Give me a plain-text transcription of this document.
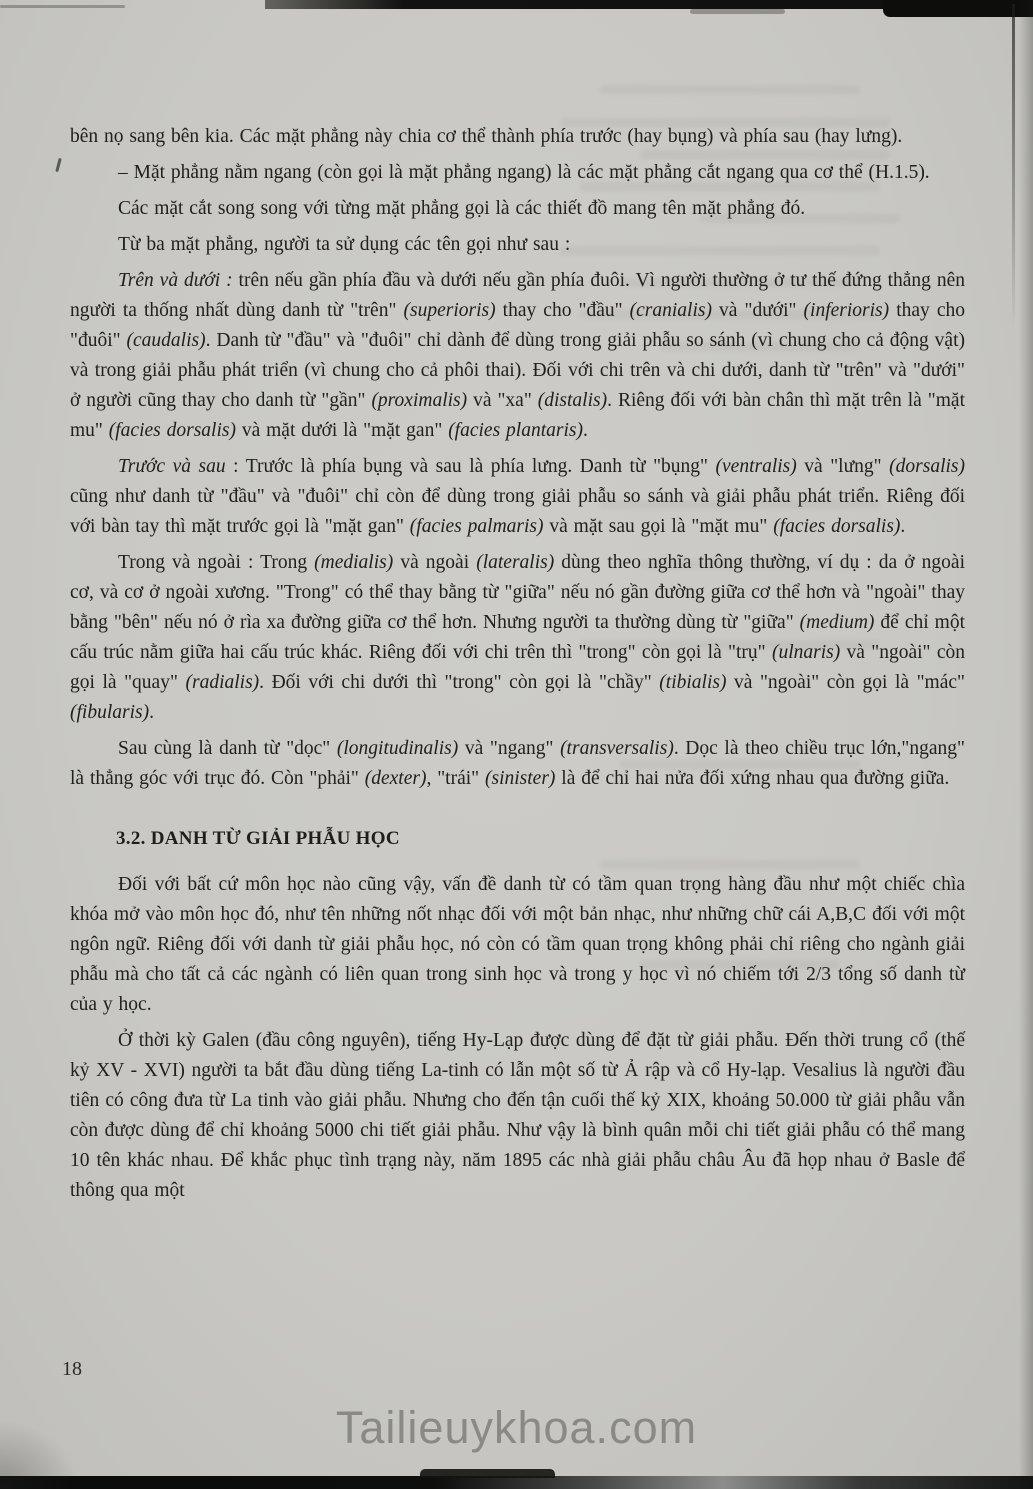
bên nọ sang bên kia. Các mặt phẳng này chia cơ thể thành phía trước (hay bụng) và phía sau (hay lưng).

– Mặt phẳng nằm ngang (còn gọi là mặt phẳng ngang) là các mặt phẳng cắt ngang qua cơ thể (H.1.5).

Các mặt cắt song song với từng mặt phẳng gọi là các thiết đồ mang tên mặt phẳng đó.

Từ ba mặt phẳng, người ta sử dụng các tên gọi như sau :

Trên và dưới : trên nếu gần phía đầu và dưới nếu gần phía đuôi. Vì người thường ở tư thế đứng thẳng nên người ta thống nhất dùng danh từ "trên" (superioris) thay cho "đầu" (cranialis) và "dưới" (inferioris) thay cho "đuôi" (caudalis). Danh từ "đầu" và "đuôi" chỉ dành để dùng trong giải phẫu so sánh (vì chung cho cả động vật) và trong giải phẫu phát triển (vì chung cho cả phôi thai). Đối với chi trên và chi dưới, danh từ "trên" và "dưới" ở người cũng thay cho danh từ "gần" (proximalis) và "xa" (distalis). Riêng đối với bàn chân thì mặt trên là "mặt mu" (facies dorsalis) và mặt dưới là "mặt gan" (facies plantaris).

Trước và sau : Trước là phía bụng và sau là phía lưng. Danh từ "bụng" (ventralis) và "lưng" (dorsalis) cũng như danh từ "đầu" và "đuôi" chỉ còn để dùng trong giải phẫu so sánh và giải phẫu phát triển. Riêng đối với bàn tay thì mặt trước gọi là "mặt gan" (facies palmaris) và mặt sau gọi là "mặt mu" (facies dorsalis).

Trong và ngoài : Trong (medialis) và ngoài (lateralis) dùng theo nghĩa thông thường, ví dụ : da ở ngoài cơ, và cơ ở ngoài xương. "Trong" có thể thay bằng từ "giữa" nếu nó gần đường giữa cơ thể hơn và "ngoài" thay bằng "bên" nếu nó ở rìa xa đường giữa cơ thể hơn. Nhưng người ta thường dùng từ "giữa" (medium) để chỉ một cấu trúc nằm giữa hai cấu trúc khác. Riêng đối với chi trên thì "trong" còn gọi là "trụ" (ulnaris) và "ngoài" còn gọi là "quay" (radialis). Đối với chi dưới thì "trong" còn gọi là "chầy" (tibialis) và "ngoài" còn gọi là "mác" (fibularis).

Sau cùng là danh từ "dọc" (longitudinalis) và "ngang" (transversalis). Dọc là theo chiều trục lớn,"ngang" là thẳng góc với trục đó. Còn "phải" (dexter), "trái" (sinister) là để chỉ hai nửa đối xứng nhau qua đường giữa.

3.2. DANH TỪ GIẢI PHẪU HỌC

Đối với bất cứ môn học nào cũng vậy, vấn đề danh từ có tầm quan trọng hàng đầu như một chiếc chìa khóa mở vào môn học đó, như tên những nốt nhạc đối với một bản nhạc, như những chữ cái A,B,C đối với một ngôn ngữ. Riêng đối với danh từ giải phẫu học, nó còn có tầm quan trọng không phải chỉ riêng cho ngành giải phẫu mà cho tất cả các ngành có liên quan trong sinh học và trong y học vì nó chiếm tới 2/3 tổng số danh từ của y học.

Ở thời kỳ Galen (đầu công nguyên), tiếng Hy-Lạp được dùng để đặt từ giải phẫu. Đến thời trung cổ (thế kỷ XV - XVI) người ta bắt đầu dùng tiếng La-tinh có lẫn một số từ Ả rập và cổ Hy-lạp. Vesalius là người đầu tiên có công đưa từ La tinh vào giải phẫu. Nhưng cho đến tận cuối thế kỷ XIX, khoảng 50.000 từ giải phẫu vẫn còn được dùng để chỉ khoảng 5000 chi tiết giải phẫu. Như vậy là bình quân mỗi chi tiết giải phẫu có thể mang 10 tên khác nhau. Để khắc phục tình trạng này, năm 1895 các nhà giải phẫu châu Âu đã họp nhau ở Basle để thông qua một

18
Tailieuykhoa.com
